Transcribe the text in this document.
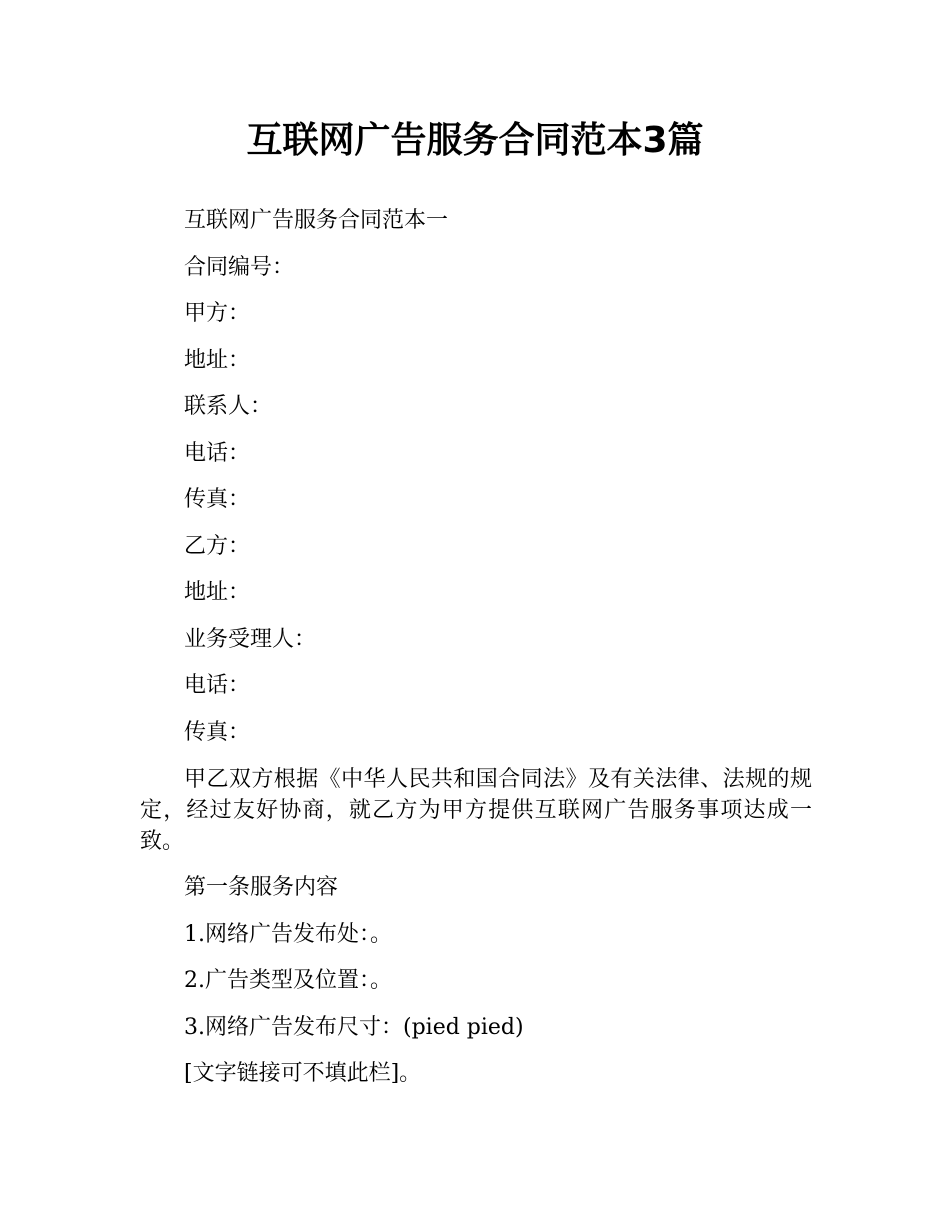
互联网广告服务合同范本3篇

互联网广告服务合同范本一

合同编号：

甲方：

地址：

联系人：

电话：

传真：

乙方：

地址：

业务受理人：

电话：

传真：

甲乙双方根据《中华人民共和国合同法》及有关法律、法规的规定，经过友好协商，就乙方为甲方提供互联网广告服务事项达成一致。

第一条服务内容

1.网络广告发布处：。

2.广告类型及位置：。

3.网络广告发布尺寸：(pied pied)

[文字链接可不填此栏]。
